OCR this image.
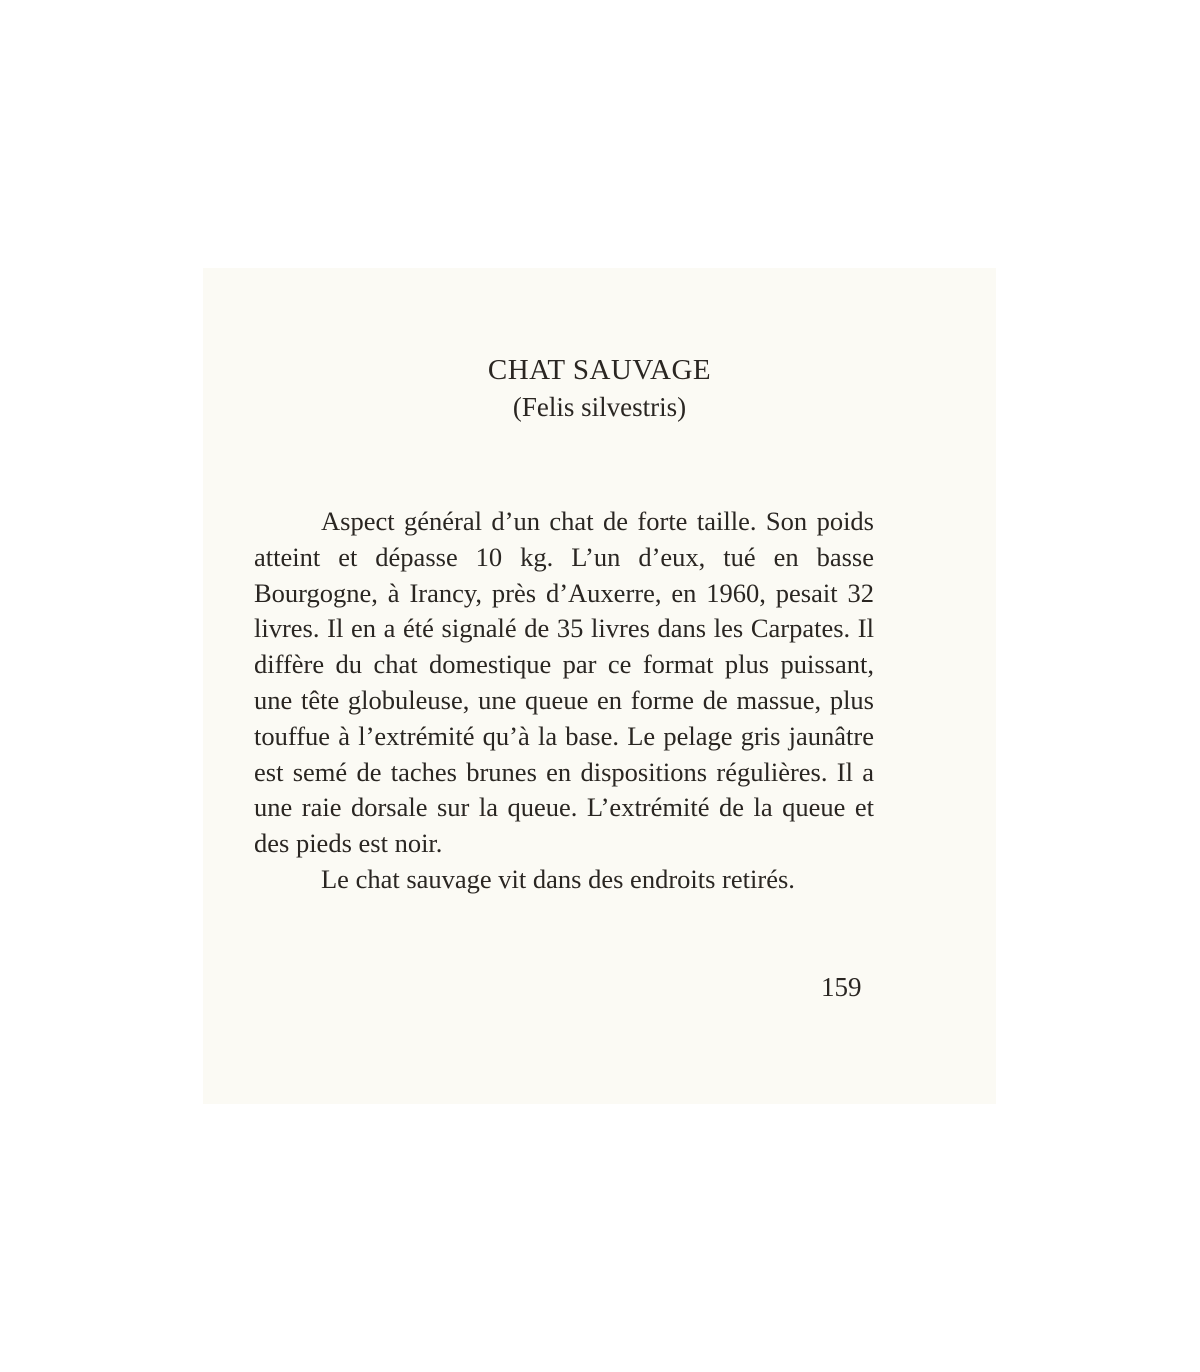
CHAT SAUVAGE
(Felis silvestris)

Aspect général d’un chat de forte taille. Son poids atteint et dépasse 10 kg. L’un d’eux, tué en basse Bourgogne, à Irancy, près d’Auxerre, en 1960, pesait 32 livres. Il en a été signalé de 35 livres dans les Carpates. Il diffère du chat domestique par ce format plus puissant, une tête globuleuse, une queue en forme de massue, plus touffue à l’extrémité qu’à la base. Le pelage gris jaunâtre est semé de taches brunes en dispositions régulières. Il a une raie dorsale sur la queue. L’extrémité de la queue et des pieds est noir.

Le chat sauvage vit dans des endroits retirés.

159
